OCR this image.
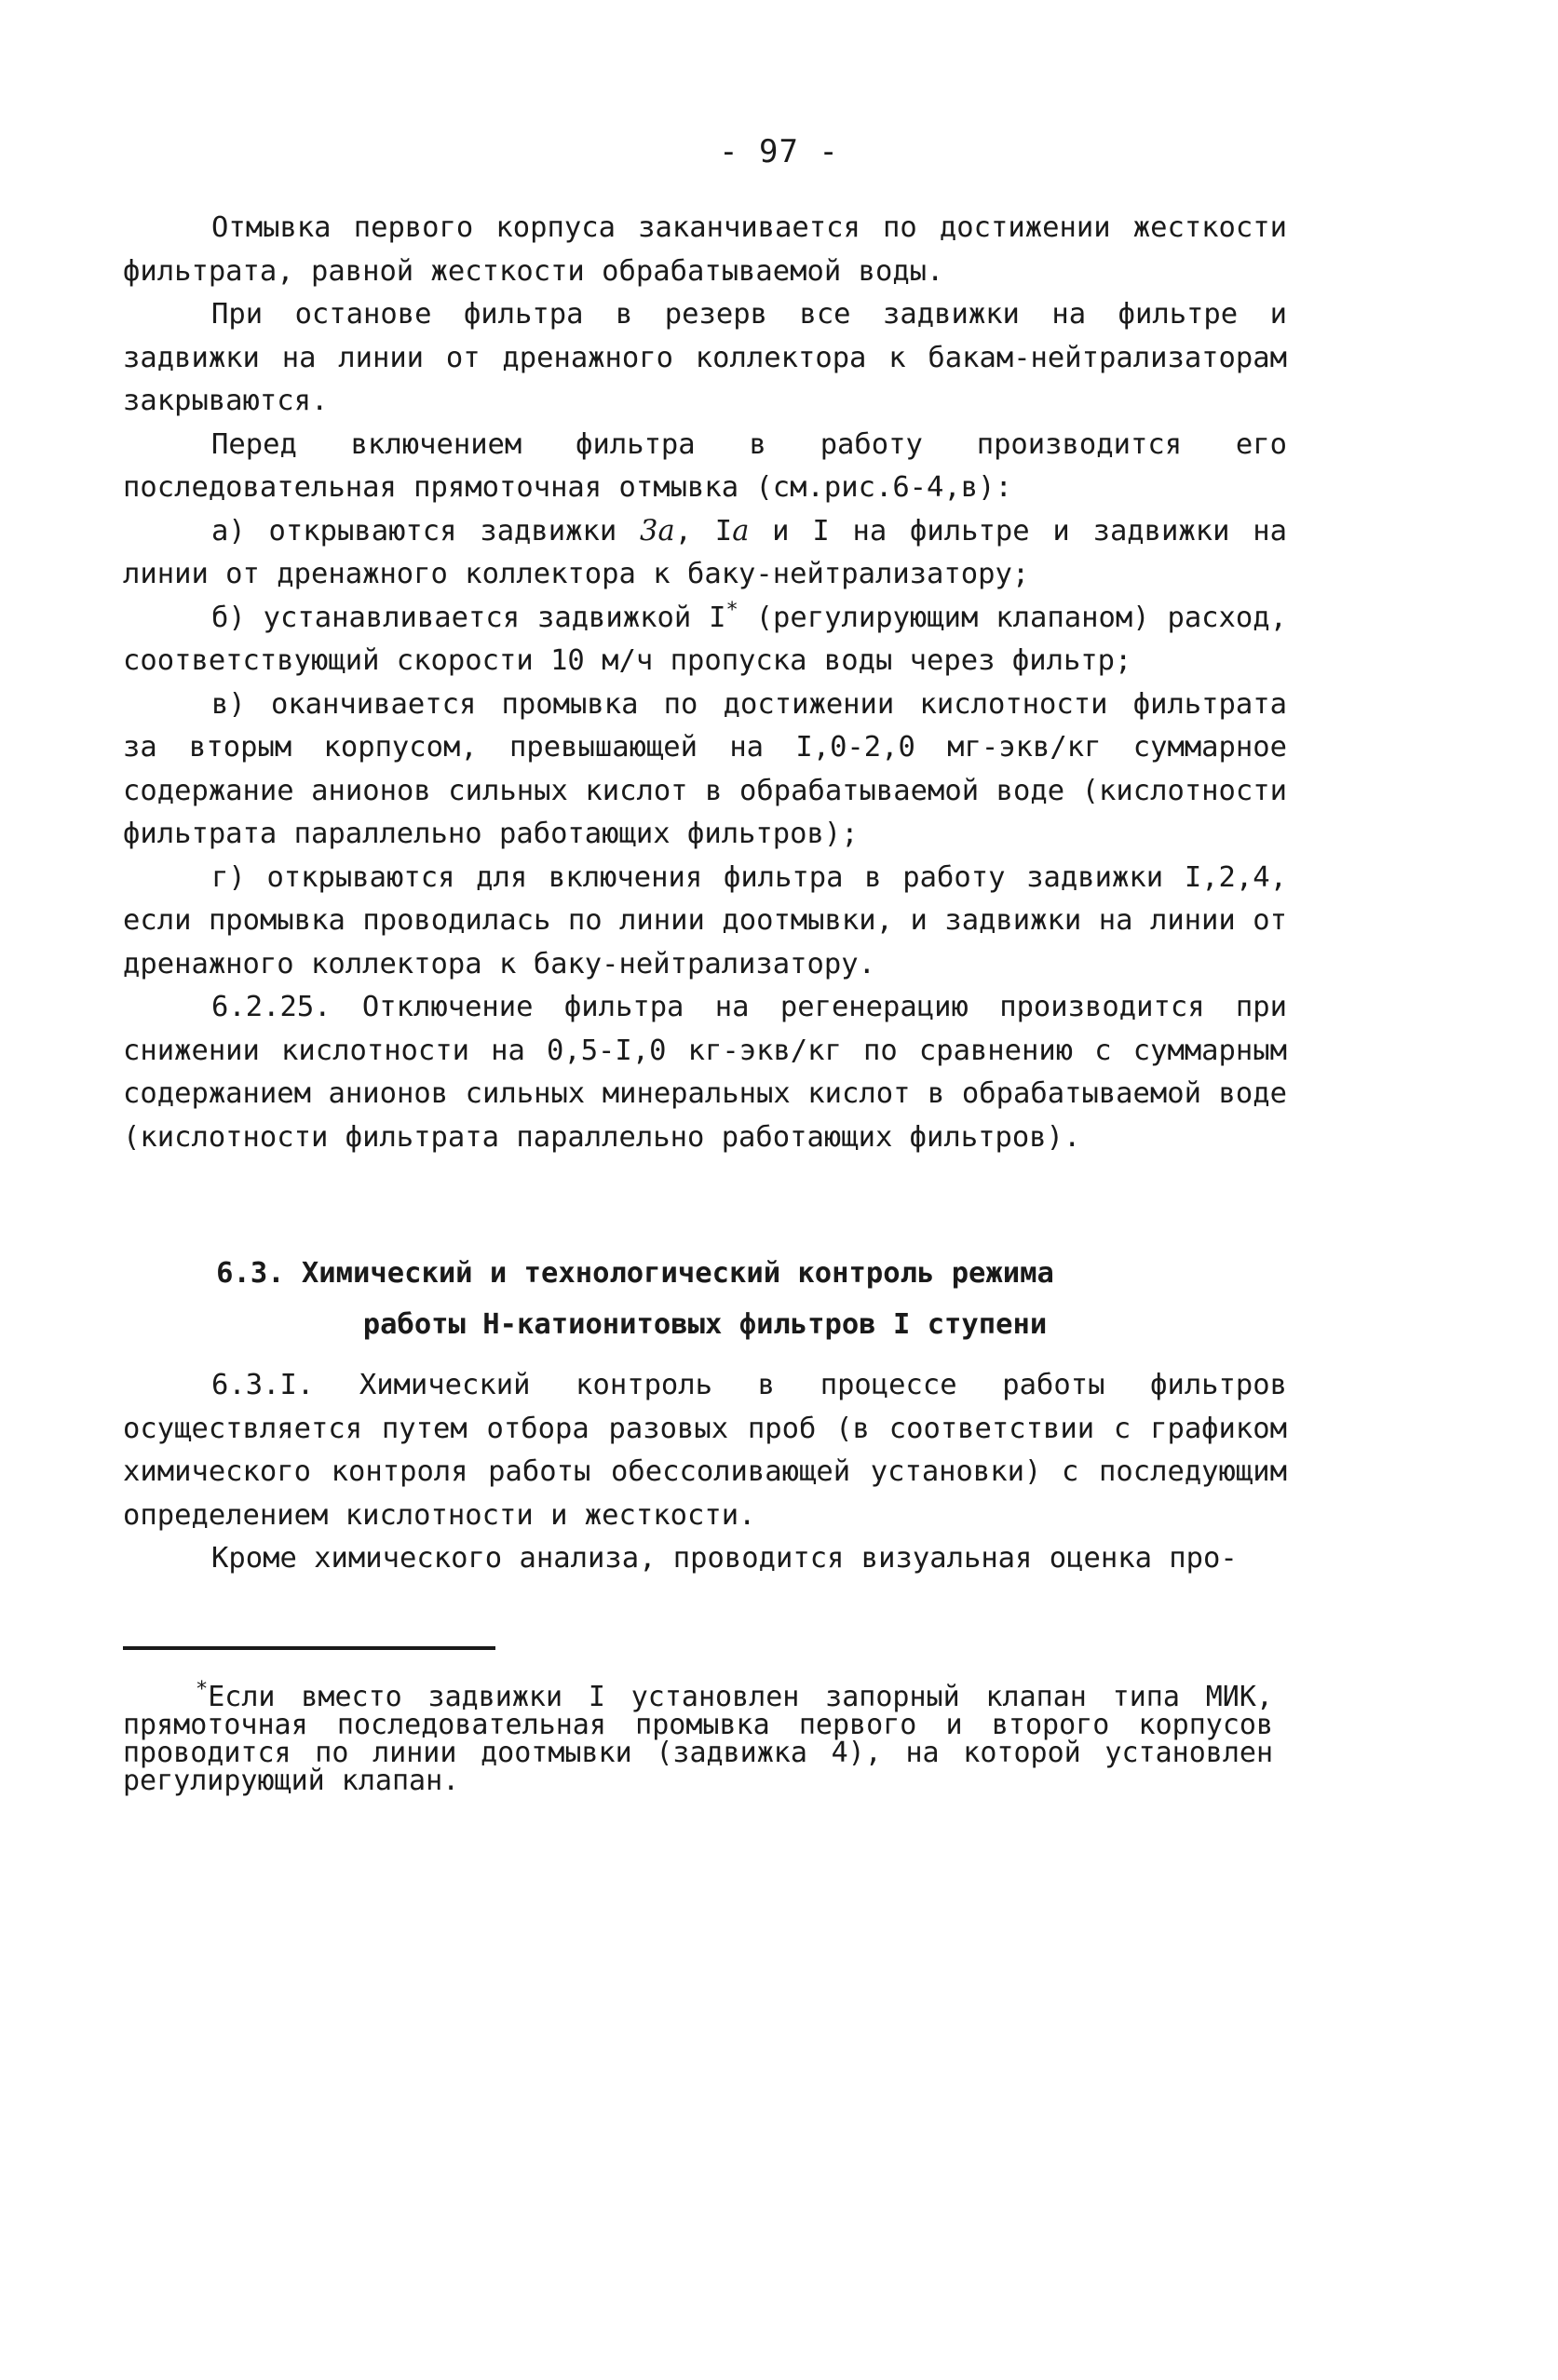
- 97 -

Отмывка первого корпуса заканчивается по достижении жесткости фильтрата, равной жесткости обрабатываемой воды.

При останове фильтра в резерв все задвижки на фильтре и задвижки на линии от дренажного коллектора к бакам-нейтрализаторам закрываются.

Перед включением фильтра в работу производится его последовательная прямоточная отмывка (см.рис.6-4,в):

а) открываются задвижки 3а, Iа и I на фильтре и задвижки на линии от дренажного коллектора к баку-нейтрализатору;

б) устанавливается задвижкой I* (регулирующим клапаном) расход, соответствующий скорости 10 м/ч пропуска воды через фильтр;

в) оканчивается промывка по достижении кислотности фильтрата за вторым корпусом, превышающей на I,0-2,0 мг-экв/кг суммарное содержание анионов сильных кислот в обрабатываемой воде (кислотности фильтрата параллельно работающих фильтров);

г) открываются для включения фильтра в работу задвижки I,2,4, если промывка проводилась по линии доотмывки, и задвижки на линии от дренажного коллектора к баку-нейтрализатору.

6.2.25. Отключение фильтра на регенерацию производится при снижении кислотности на 0,5-I,0 кг-экв/кг по сравнению с суммарным содержанием анионов сильных минеральных кислот в обрабатываемой воде (кислотности фильтрата параллельно работающих фильтров).

6.3. Химический и технологический контроль режима
работы Н-катионитовых фильтров I ступени

6.3.I. Химический контроль в процессе работы фильтров осуществляется путем отбора разовых проб (в соответствии с графиком химического контроля работы обессоливающей установки) с последующим определением кислотности и жесткости.

Кроме химического анализа, проводится визуальная оценка про-

*Если вместо задвижки I установлен запорный клапан типа МИК, прямоточная последовательная промывка первого и второго корпусов проводится по линии доотмывки (задвижка 4), на которой установлен регулирующий клапан.
